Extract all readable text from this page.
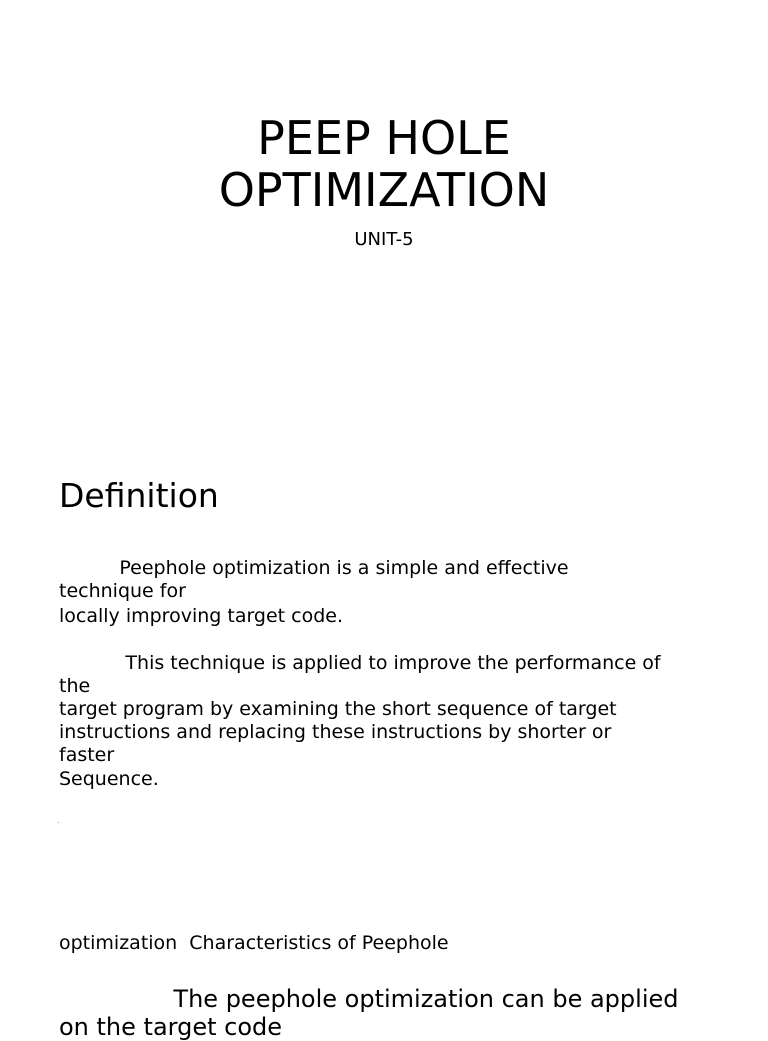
PEEP HOLE
OPTIMIZATION
UNIT-5
Definition
Peephole optimization is a simple and effective
technique for
locally improving target code.
This technique is applied to improve the performance of
the
target program by examining the short sequence of target
instructions and replacing these instructions by shorter or
faster
Sequence.
optimization  Characteristics of Peephole
The peephole optimization can be applied
on the target code
